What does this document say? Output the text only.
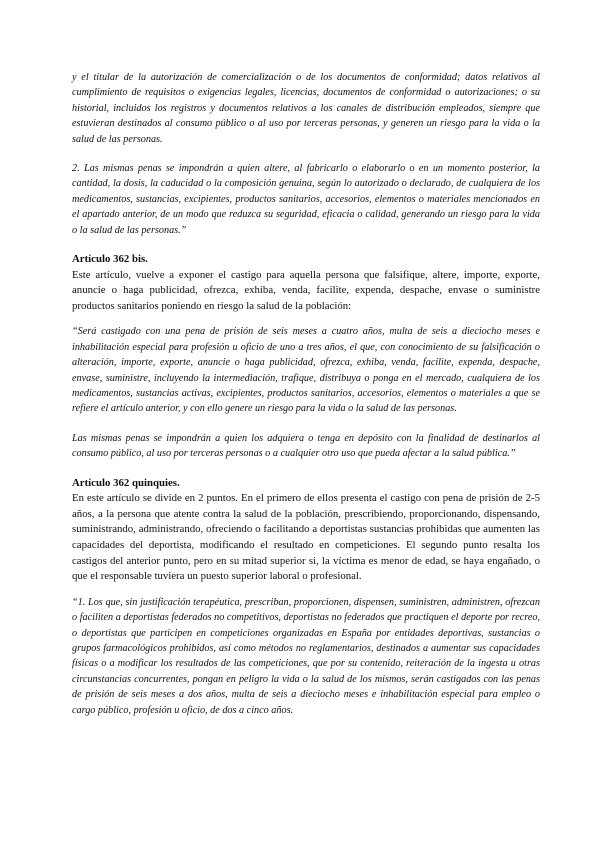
y el titular de la autorización de comercialización o de los documentos de conformidad; datos relativos al cumplimiento de requisitos o exigencias legales, licencias, documentos de conformidad o autorizaciones; o su historial, incluidos los registros y documentos relativos a los canales de distribución empleados, siempre que estuvieran destinados al consumo público o al uso por terceras personas, y generen un riesgo para la vida o la salud de las personas.

2. Las mismas penas se impondrán a quien altere, al fabricarlo o elaborarlo o en un momento posterior, la cantidad, la dosis, la caducidad o la composición genuina, según lo autorizado o declarado, de cualquiera de los medicamentos, sustancias, excipientes, productos sanitarios, accesorios, elementos o materiales mencionados en el apartado anterior, de un modo que reduzca su seguridad, eficacia o calidad, generando un riesgo para la vida o la salud de las personas.”

Artículo 362 bis.

Este artículo, vuelve a exponer el castigo para aquella persona que falsifique, altere, importe, exporte, anuncie o haga publicidad, ofrezca, exhiba, venda, facilite, expenda, despache, envase o suministre productos sanitarios poniendo en riesgo la salud de la población:

“Será castigado con una pena de prisión de seis meses a cuatro años, multa de seis a dieciocho meses e inhabilitación especial para profesión u oficio de uno a tres años, el que, con conocimiento de su falsificación o alteración, importe, exporte, anuncie o haga publicidad, ofrezca, exhiba, venda, facilite, expenda, despache, envase, suministre, incluyendo la intermediación, trafique, distribuya o ponga en el mercado, cualquiera de los medicamentos, sustancias activas, excipientes, productos sanitarios, accesorios, elementos o materiales a que se refiere el artículo anterior, y con ello genere un riesgo para la vida o la salud de las personas.

Las mismas penas se impondrán a quien los adquiera o tenga en depósito con la finalidad de destinarlos al consumo público, al uso por terceras personas o a cualquier otro uso que pueda afectar a la salud pública.”

Artículo 362 quinquies.

En este artículo se divide en 2 puntos. En el primero de ellos presenta el castigo con pena de prisión de 2-5 años, a la persona que atente contra la salud de la población, prescribiendo, proporcionando, dispensando, suministrando, administrando, ofreciendo o facilitando a deportistas sustancias prohibidas que aumenten las capacidades del deportista, modificando el resultado en competiciones. El segundo punto resalta los castigos del anterior punto, pero en su mitad superior si, la víctima es menor de edad, se haya engañado, o que el responsable tuviera un puesto superior laboral o profesional.

“1. Los que, sin justificación terapéutica, prescriban, proporcionen, dispensen, suministren, administren, ofrezcan o faciliten a deportistas federados no competitivos, deportistas no federados que practiquen el deporte por recreo, o deportistas que participen en competiciones organizadas en España por entidades deportivas, sustancias o grupos farmacológicos prohibidos, así como métodos no reglamentarios, destinados a aumentar sus capacidades físicas o a modificar los resultados de las competiciones, que por su contenido, reiteración de la ingesta u otras circunstancias concurrentes, pongan en peligro la vida o la salud de los mismos, serán castigados con las penas de prisión de seis meses a dos años, multa de seis a dieciocho meses e inhabilitación especial para empleo o cargo público, profesión u oficio, de dos a cinco años.
